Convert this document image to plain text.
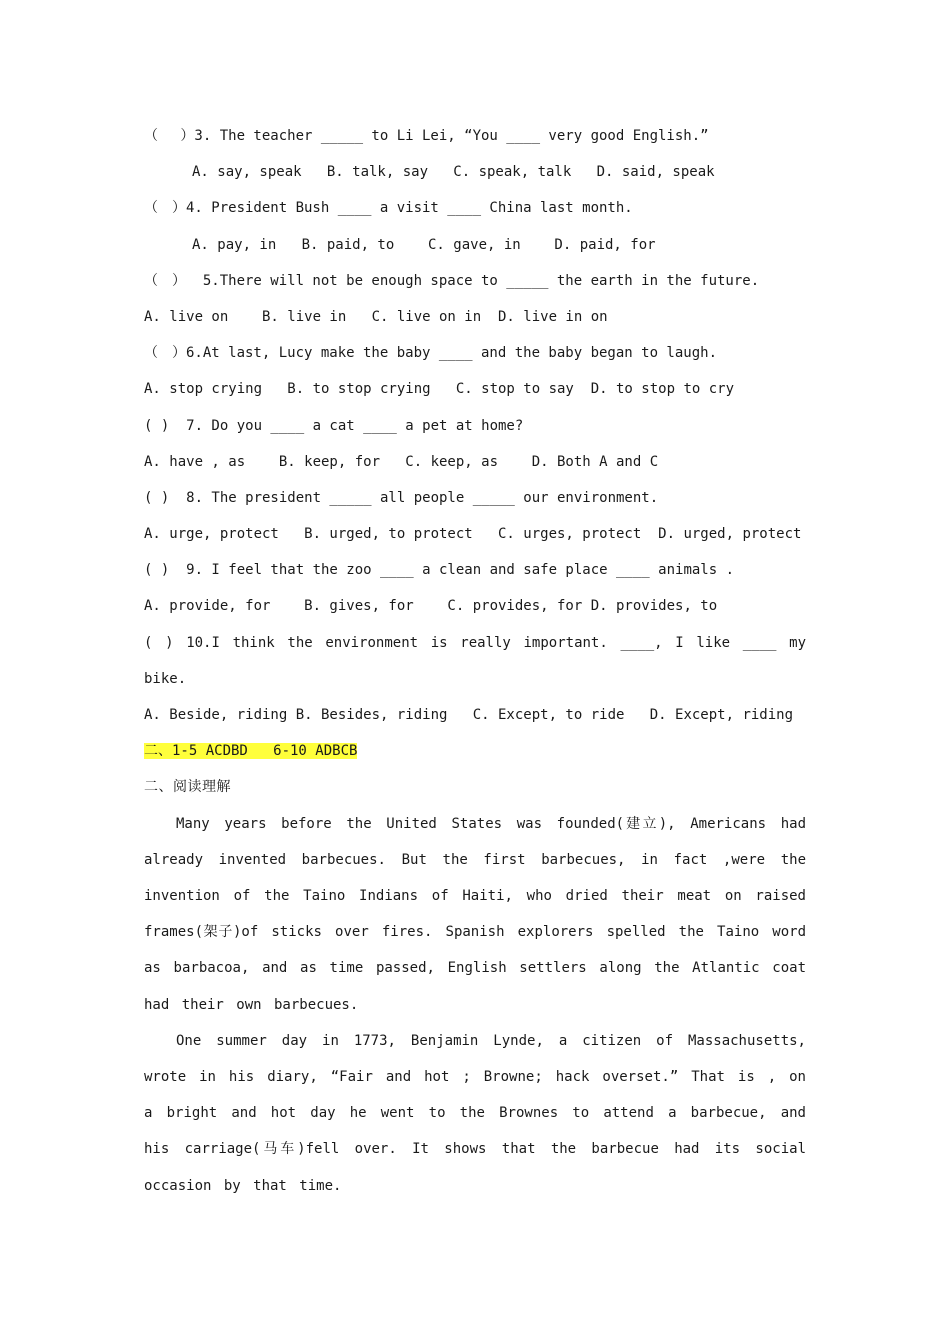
（　 ）3. The teacher _____ to Li Lei, “You ____ very good English.”
A. say, speak   B. talk, say   C. speak, talk   D. said, speak
（　）4. President Bush ____ a visit ____ China last month.
A. pay, in   B. paid, to    C. gave, in    D. paid, for
（　）  5.There will not be enough space to _____ the earth in the future.
A. live on    B. live in   C. live on in  D. live in on
（　）6.At last, Lucy make the baby ____ and the baby began to laugh.
A. stop crying   B. to stop crying   C. stop to say  D. to stop to cry
( )  7. Do you ____ a cat ____ a pet at home?
A. have , as    B. keep, for   C. keep, as    D. Both A and C
( )  8. The president _____ all people _____ our environment.
A. urge, protect   B. urged, to protect   C. urges, protect  D. urged, protect
( )  9. I feel that the zoo ____ a clean and safe place ____ animals .
A. provide, for    B. gives, for    C. provides, for D. provides, to
( ) 10.I think the environment is really important. ____, I like ____ my bike.
A. Beside, riding B. Besides, riding   C. Except, to ride   D. Except, riding
二、1-5 ACDBD   6-10 ADBCB
二、阅读理解
Many years before the United States was founded(建立), Americans had already invented barbecues. But the first barbecues, in fact ,were the invention of the Taino Indians of Haiti, who dried their meat on raised frames(架子)of sticks over fires. Spanish explorers spelled the Taino word as barbacoa, and as time passed, English settlers along the Atlantic coat had their own barbecues.
One summer day in 1773, Benjamin Lynde, a citizen of Massachusetts, wrote in his diary, “Fair and hot ; Browne; hack overset.” That is , on a bright and hot day he went to the Brownes to attend a barbecue, and his carriage(马车)fell over. It shows that the barbecue had its social occasion by that time.
